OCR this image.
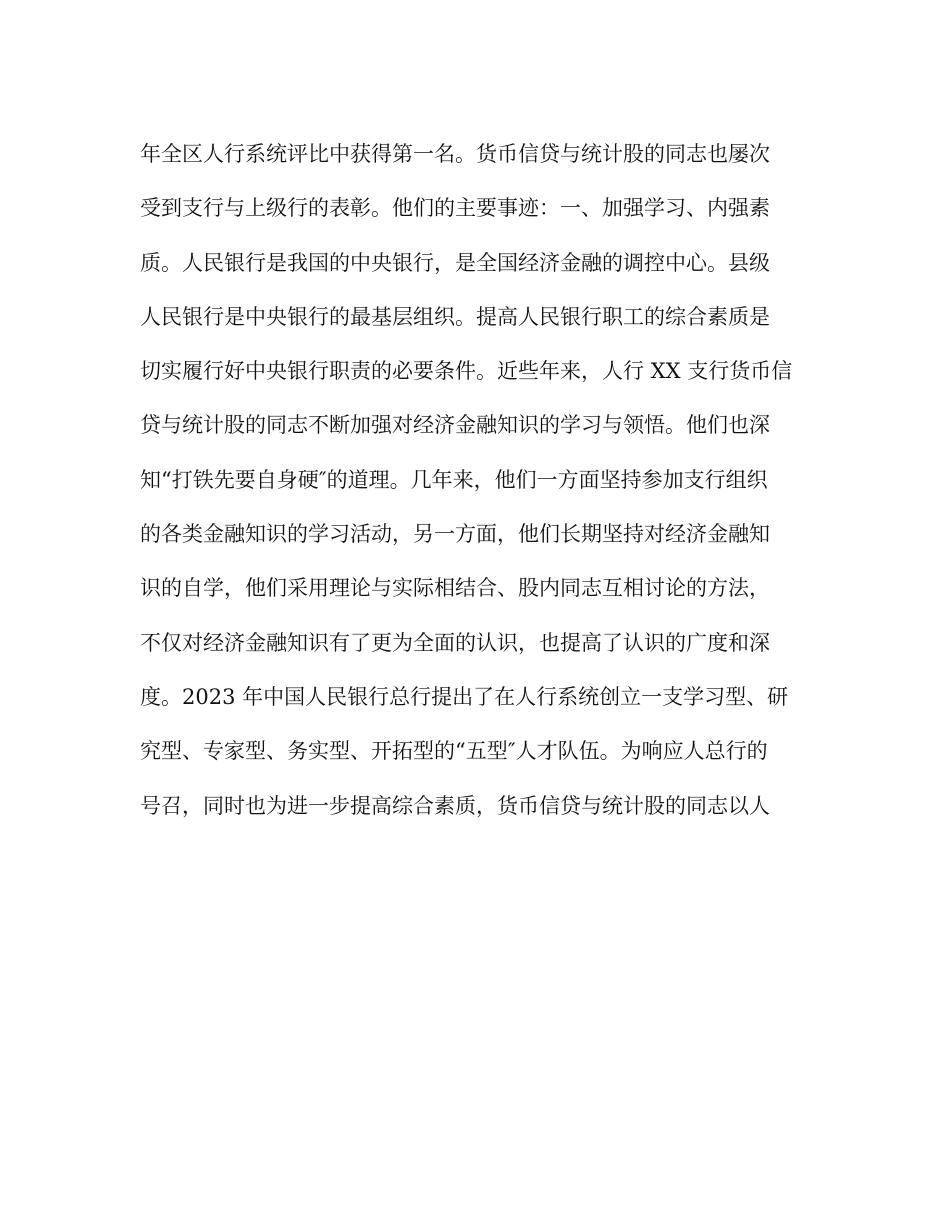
年全区人行系统评比中获得第一名。货币信贷与统计股的同志也屡次
受到支行与上级行的表彰。他们的主要事迹：一、加强学习、内强素
质。人民银行是我国的中央银行，是全国经济金融的调控中心。县级
人民银行是中央银行的最基层组织。提高人民银行职工的综合素质是
切实履行好中央银行职责的必要条件。近些年来，人行 XX 支行货币信
贷与统计股的同志不断加强对经济金融知识的学习与领悟。他们也深
知“打铁先要自身硬″的道理。几年来，他们一方面坚持参加支行组织
的各类金融知识的学习活动，另一方面，他们长期坚持对经济金融知
识的自学，他们采用理论与实际相结合、股内同志互相讨论的方法，
不仅对经济金融知识有了更为全面的认识，也提高了认识的广度和深
度。2023 年中国人民银行总行提出了在人行系统创立一支学习型、研
究型、专家型、务实型、开拓型的“五型″人才队伍。为响应人总行的
号召，同时也为进一步提高综合素质，货币信贷与统计股的同志以人
